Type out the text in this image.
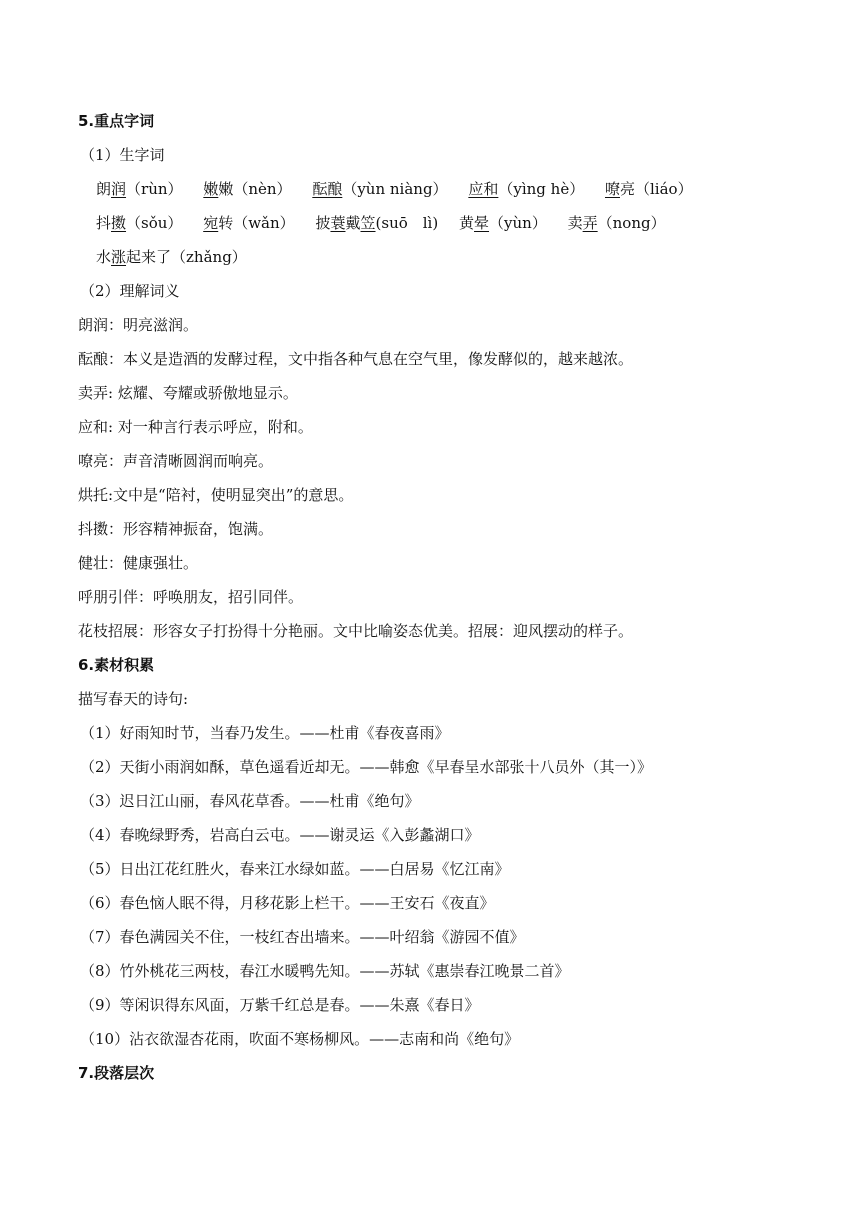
5.重点字词
（1）生字词
朗润（rùn） 嫩嫩（nèn） 酝酿（yùn niàng） 应和（yìng hè） 嘹亮（liáo）
抖擞（sǒu） 宛转（wǎn） 披蓑戴笠(suō　lì) 黄晕（yùn） 卖弄（nong）
水涨起来了（zhǎng）
（2）理解词义
朗润：明亮滋润。
酝酿：本义是造酒的发酵过程，文中指各种气息在空气里，像发酵似的，越来越浓。
卖弄: 炫耀、夸耀或骄傲地显示。
应和: 对一种言行表示呼应，附和。
嘹亮：声音清晰圆润而响亮。
烘托:文中是“陪衬，使明显突出”的意思。
抖擞：形容精神振奋，饱满。
健壮：健康强壮。
呼朋引伴：呼唤朋友，招引同伴。
花枝招展：形容女子打扮得十分艳丽。文中比喻姿态优美。招展：迎风摆动的样子。
6.素材积累
描写春天的诗句:
（1）好雨知时节，当春乃发生。——杜甫《春夜喜雨》
（2）天街小雨润如酥，草色遥看近却无。——韩愈《早春呈水部张十八员外（其一）》
（3）迟日江山丽，春风花草香。——杜甫《绝句》
（4）春晚绿野秀，岩高白云屯。——谢灵运《入彭蠡湖口》
（5）日出江花红胜火，春来江水绿如蓝。——白居易《忆江南》
（6）春色恼人眠不得，月移花影上栏干。——王安石《夜直》
（7）春色满园关不住，一枝红杏出墙来。——叶绍翁《游园不值》
（8）竹外桃花三两枝，春江水暖鸭先知。——苏轼《惠崇春江晚景二首》
（9）等闲识得东风面，万紫千红总是春。——朱熹《春日》
（10）沾衣欲湿杏花雨，吹面不寒杨柳风。——志南和尚《绝句》
7.段落层次
